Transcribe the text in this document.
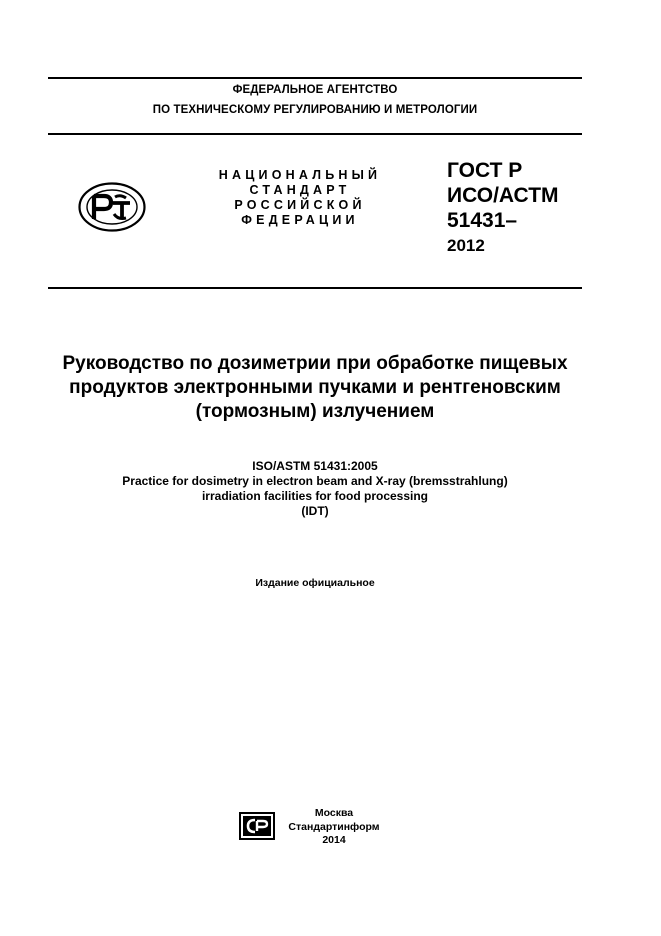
ФЕДЕРАЛЬНОЕ АГЕНТСТВО
ПО ТЕХНИЧЕСКОМУ РЕГУЛИРОВАНИЮ И МЕТРОЛОГИИ
НАЦИОНАЛЬНЫЙ
СТАНДАРТ
РОССИЙСКОЙ
ФЕДЕРАЦИИ
ГОСТ Р
ИСО/АСТМ
51431–
2012
Руководство по дозиметрии при обработке пищевых
продуктов электронными пучками и рентгеновским
(тормозным) излучением
ISO/ASTM 51431:2005
Practice for dosimetry in electron beam and X-ray (bremsstrahlung)
irradiation facilities for food processing
(IDT)
Издание официальное
Москва
Стандартинформ
2014
